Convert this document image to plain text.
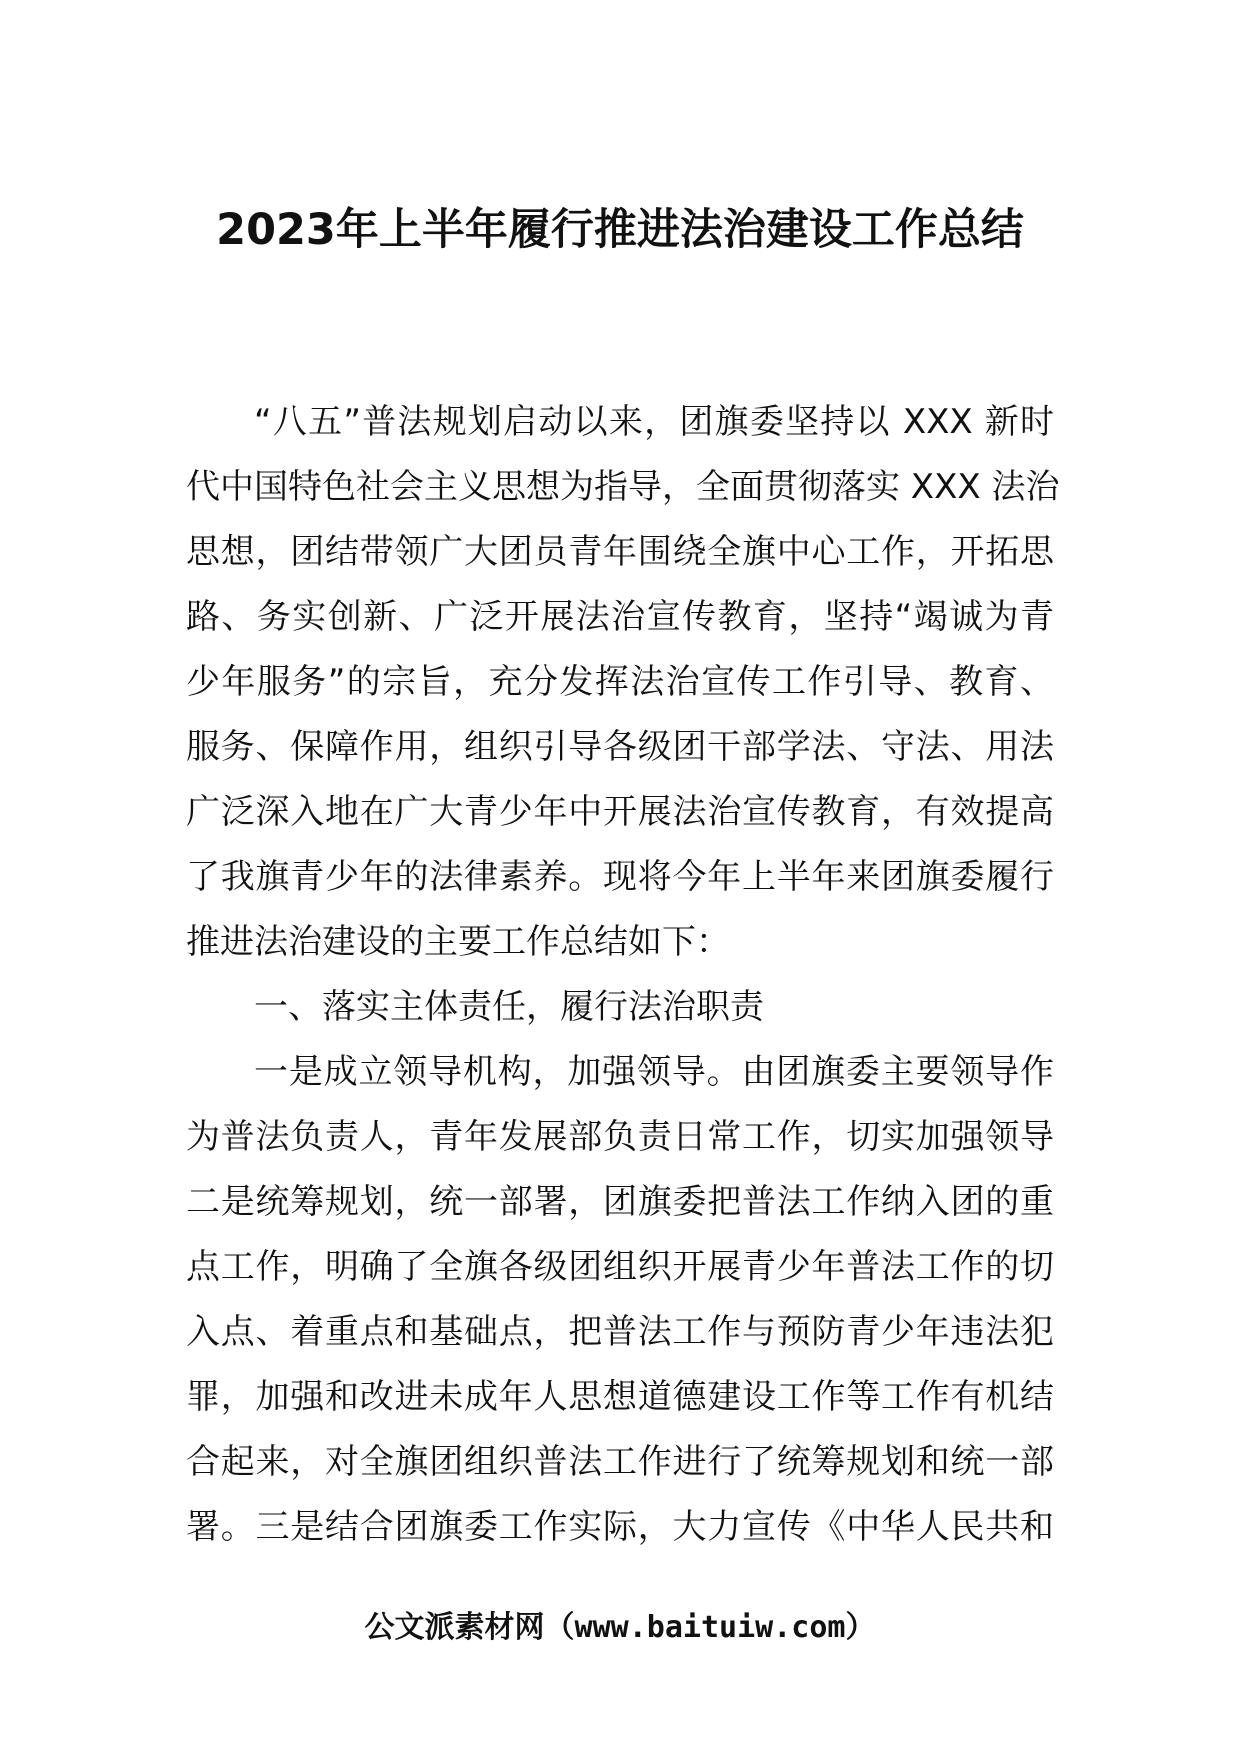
2023年上半年履行推进法治建设工作总结
“八五”普法规划启动以来，团旗委坚持以 XXX 新时
代中国特色社会主义思想为指导，全面贯彻落实 XXX 法治
思想，团结带领广大团员青年围绕全旗中心工作，开拓思
路、务实创新、广泛开展法治宣传教育，坚持“竭诚为青
少年服务”的宗旨，充分发挥法治宣传工作引导、教育、
服务、保障作用，组织引导各级团干部学法、守法、用法
广泛深入地在广大青少年中开展法治宣传教育，有效提高
了我旗青少年的法律素养。现将今年上半年来团旗委履行
推进法治建设的主要工作总结如下：
一、落实主体责任，履行法治职责
一是成立领导机构，加强领导。由团旗委主要领导作
为普法负责人，青年发展部负责日常工作，切实加强领导
二是统筹规划，统一部署，团旗委把普法工作纳入团的重
点工作，明确了全旗各级团组织开展青少年普法工作的切
入点、着重点和基础点，把普法工作与预防青少年违法犯
罪，加强和改进未成年人思想道德建设工作等工作有机结
合起来，对全旗团组织普法工作进行了统筹规划和统一部
署。三是结合团旗委工作实际，大力宣传《中华人民共和
公文派素材网（www.baituiw.com）
